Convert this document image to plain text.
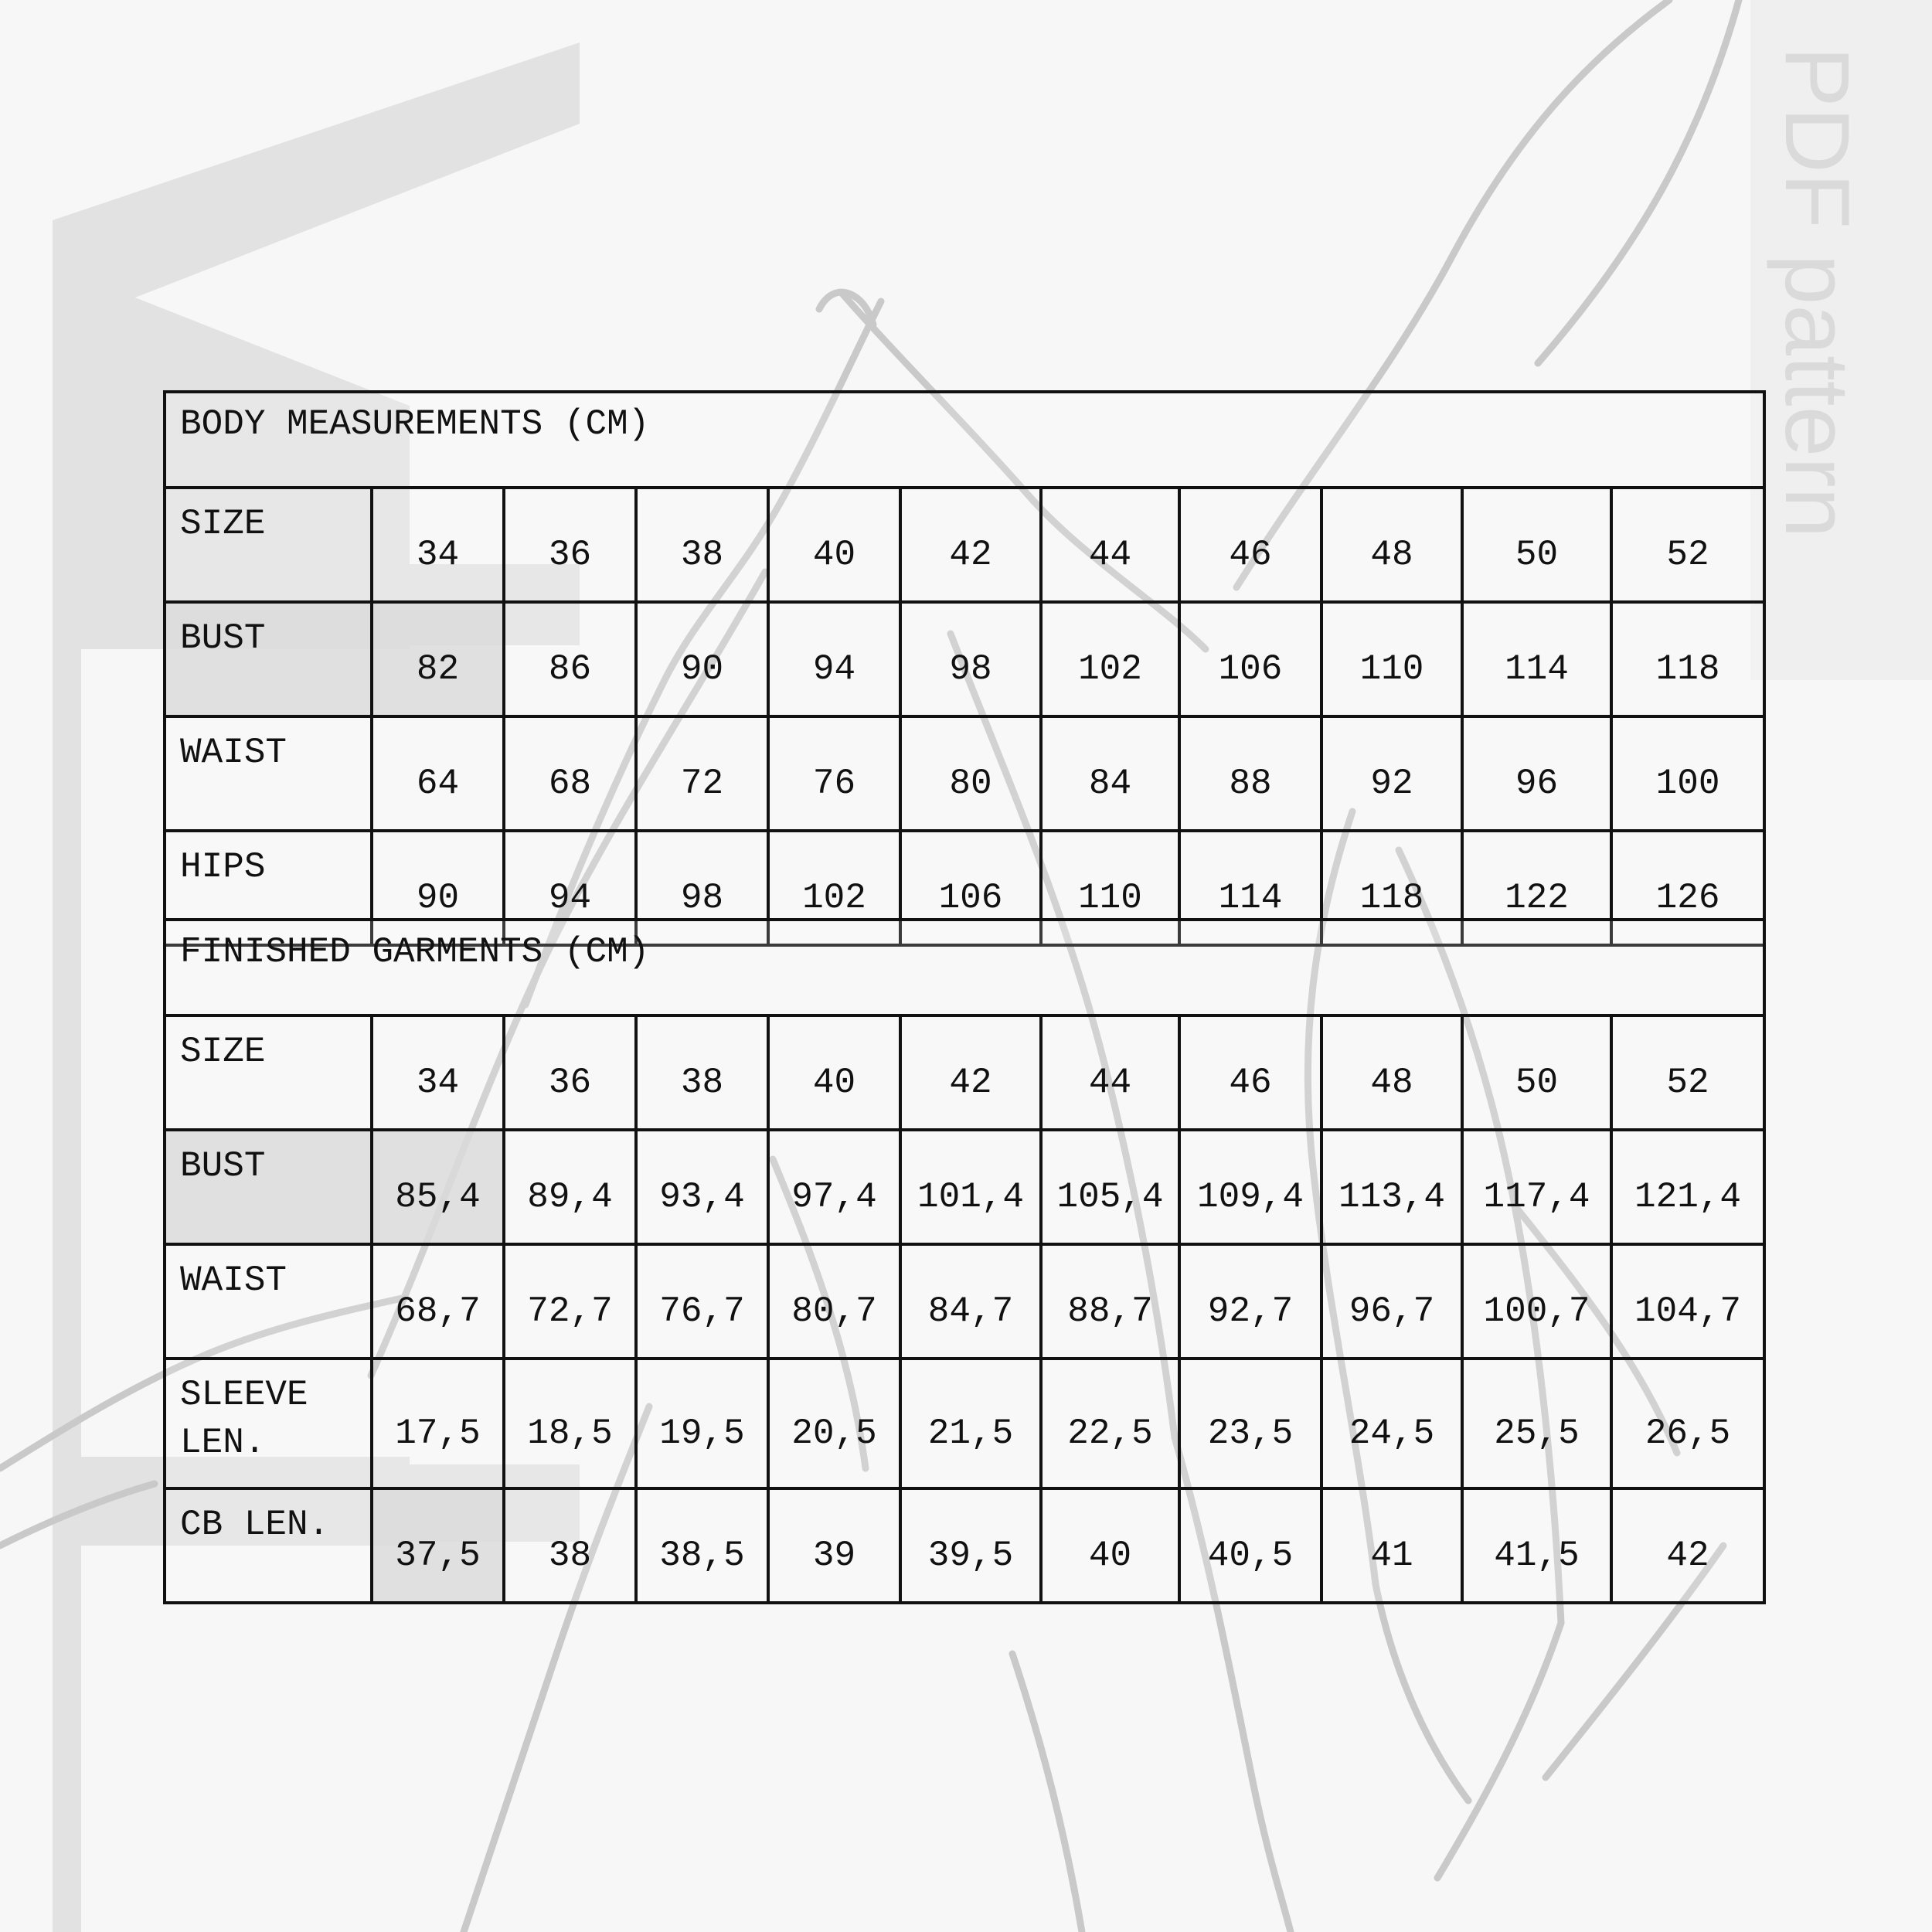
PDF pattern
BODY MEASUREMENTS (CM)										
SIZE	34	36	38	40	42	44	46	48	50	52
BUST	82	86	90	94	98	102	106	110	114	118
WAIST	64	68	72	76	80	84	88	92	96	100
HIPS	90	94	98	102	106	110	114	118	122	126
FINISHED GARMENTS (CM)										
SIZE	34	36	38	40	42	44	46	48	50	52
BUST	85,4	89,4	93,4	97,4	101,4	105,4	109,4	113,4	117,4	121,4
WAIST	68,7	72,7	76,7	80,7	84,7	88,7	92,7	96,7	100,7	104,7
SLEEVE
LEN.	17,5	18,5	19,5	20,5	21,5	22,5	23,5	24,5	25,5	26,5
CB LEN.	37,5	38	38,5	39	39,5	40	40,5	41	41,5	42
